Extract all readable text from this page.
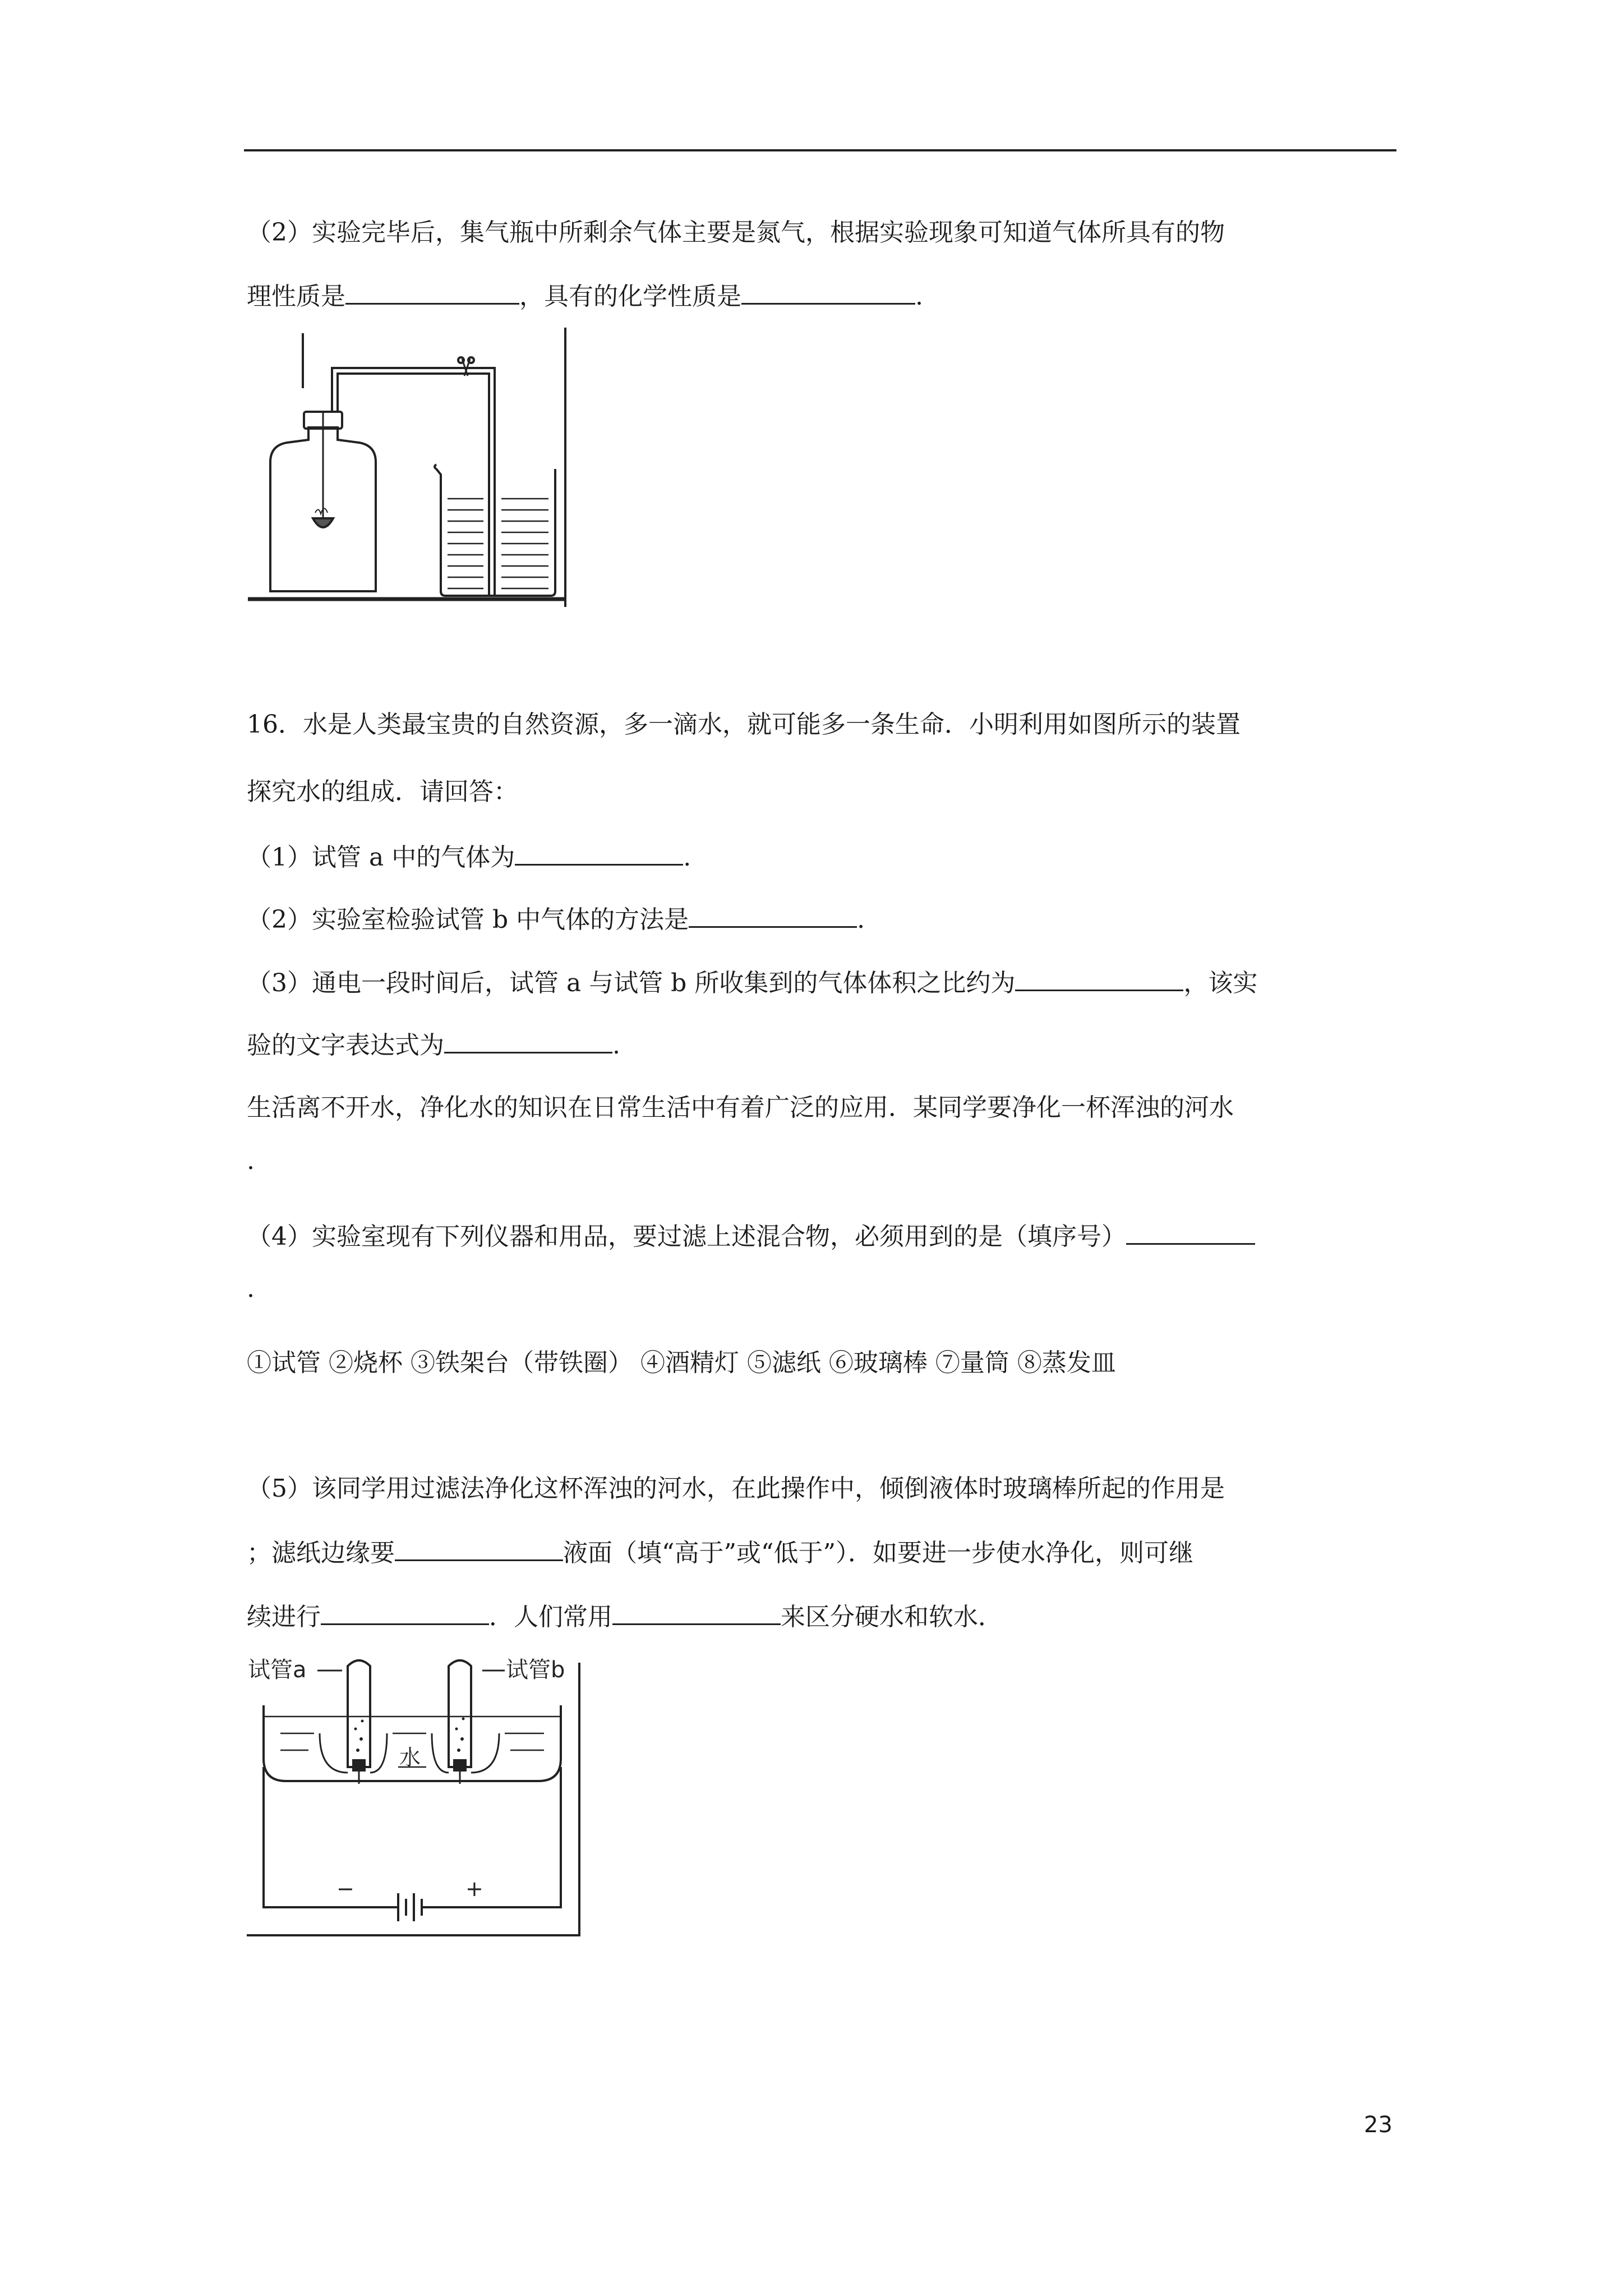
（2）实验完毕后，集气瓶中所剩余气体主要是氮气，根据实验现象可知道气体所具有的物
理性质是	，具有的化学性质是	.
16．水是人类最宝贵的自然资源，多一滴水，就可能多一条生命．小明利用如图所示的装置
探究水的组成．请回答：
（1）试管 a 中的气体为	.
（2）实验室检验试管 b 中气体的方法是	.
（3）通电一段时间后，试管 a 与试管 b 所收集到的气体体积之比约为	，该实
验的文字表达式为	.
生活离不开水，净化水的知识在日常生活中有着广泛的应用．某同学要净化一杯浑浊的河水
.
（4）实验室现有下列仪器和用品，要过滤上述混合物，必须用到的是（填序号）
.
①试管 ②烧杯 ③铁架台（带铁圈） ④酒精灯 ⑤滤纸 ⑥玻璃棒 ⑦量筒 ⑧蒸发皿
（5）该同学用过滤法净化这杯浑浊的河水，在此操作中，倾倒液体时玻璃棒所起的作用是
；滤纸边缘要	液面（填“高于”或“低于”）．如要进一步使水净化，则可继
续进行	．人们常用	来区分硬水和软水．
试管a	试管b
水
−	+
23
